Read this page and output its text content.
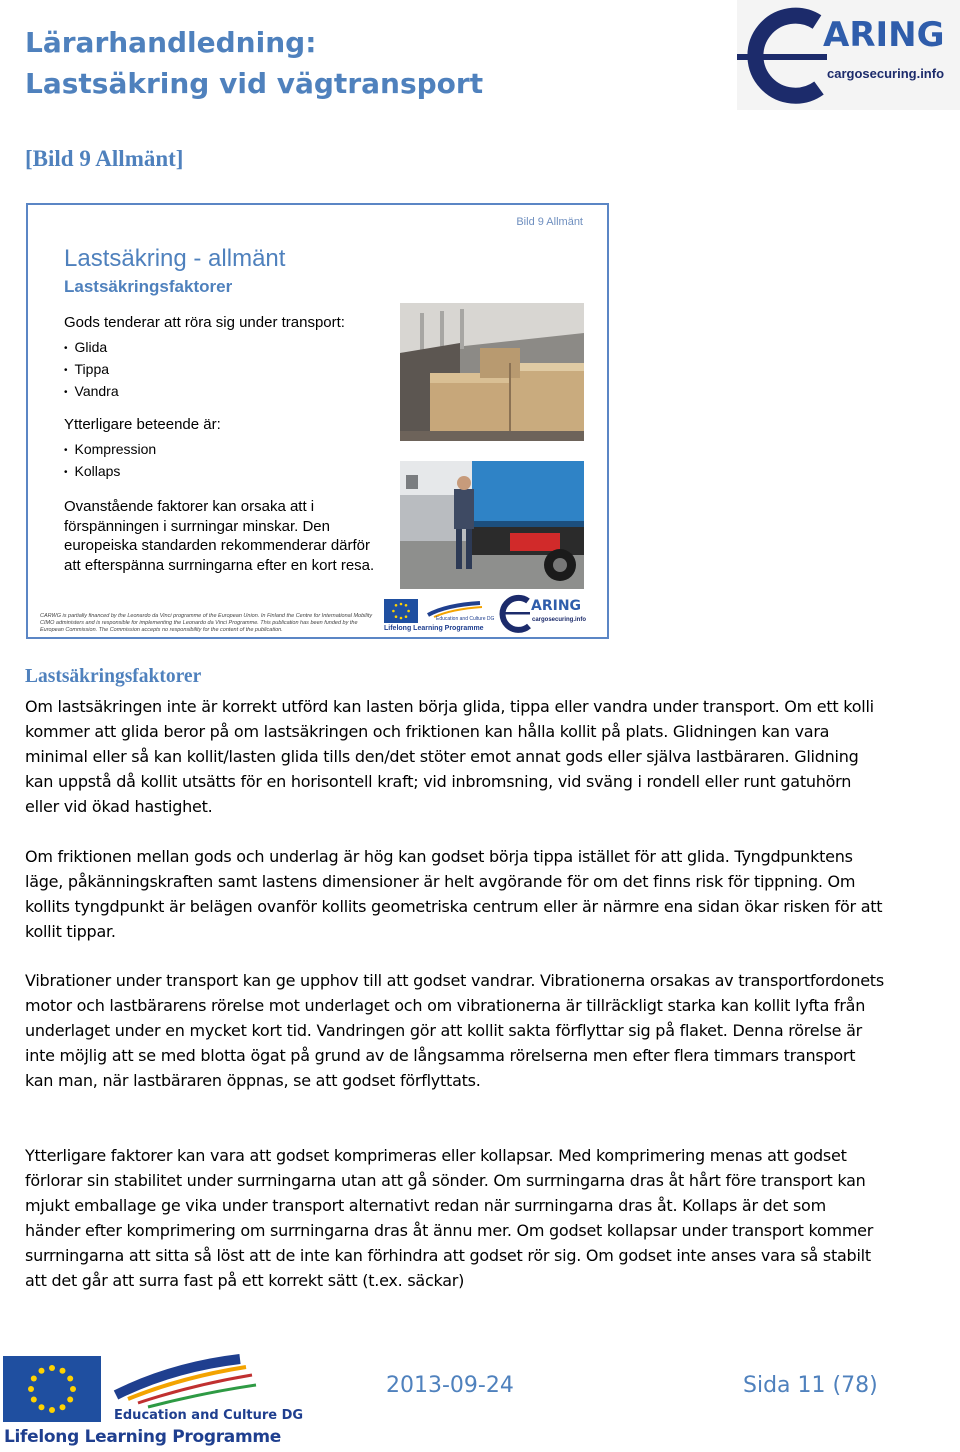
Lärarhandledning:
Lastsäkring vid vägtransport
ARING
cargosecuring.info
[Bild 9 Allmänt]
Bild 9 Allmänt
Lastsäkring - allmänt
Lastsäkringsfaktorer
Gods tenderar att röra sig under transport:
• Glida
• Tippa
• Vandra
Ytterligare beteende är:
• Kompression
• Kollaps
Ovanstående faktorer kan orsaka att i förspänningen i surrningar minskar. Den europeiska standarden rekommenderar därför att efterspänna surrningarna efter en kort resa.
CARWG is partially financed by the Leonardo da Vinci programme of the European Union. In Finland the Centre for International Mobility CIMO administers and is responsible for implementing the Leonardo da Vinci Programme. This publication has been funded by the European Commission. The Commission accepts no responsibility for the content of the publication.
Education and Culture DG
Lifelong Learning Programme
ARING
cargosecuring.info
Lastsäkringsfaktorer

Om lastsäkringen inte är korrekt utförd kan lasten börja glida, tippa eller vandra under transport. Om ett kolli kommer att glida beror på om lastsäkringen och friktionen kan hålla kollit på plats. Glidningen kan vara minimal eller så kan kollit/lasten glida tills den/det stöter emot annat gods eller själva lastbäraren. Glidning kan uppstå då kollit utsätts för en horisontell kraft; vid inbromsning, vid sväng i rondell eller runt gatuhörn eller vid ökad hastighet.

Om friktionen mellan gods och underlag är hög kan godset börja tippa istället för att glida. Tyngdpunktens läge, påkänningskraften samt lastens dimensioner är helt avgörande för om det finns risk för tippning. Om kollits tyngdpunkt är belägen ovanför kollits geometriska centrum eller är närmre ena sidan ökar risken för att kollit tippar.

Vibrationer under transport kan ge upphov till att godset vandrar. Vibrationerna orsakas av transportfordonets motor och lastbärarens rörelse mot underlaget och om vibrationerna är tillräckligt starka kan kollit lyfta från underlaget under en mycket kort tid. Vandringen gör att kollit sakta förflyttar sig på flaket. Denna rörelse är inte möjlig att se med blotta ögat på grund av de långsamma rörelserna men efter flera timmars transport kan man, när lastbäraren öppnas, se att godset förflyttats.

Ytterligare faktorer kan vara att godset komprimeras eller kollapsar. Med komprimering menas att godset förlorar sin stabilitet under surrningarna utan att gå sönder. Om surrningarna dras åt hårt före transport kan mjukt emballage ge vika under transport alternativt redan när surrningarna dras åt. Kollaps är det som händer efter komprimering om surrningarna dras åt ännu mer. Om godset kollapsar under transport kommer surrningarna att sitta så löst att de inte kan förhindra att godset rör sig. Om godset inte anses vara så stabilt att det går att surra fast på ett korrekt sätt (t.ex. säckar)

Education and Culture DG
Lifelong Learning Programme
2013-09-24	Sida 11 (78)
